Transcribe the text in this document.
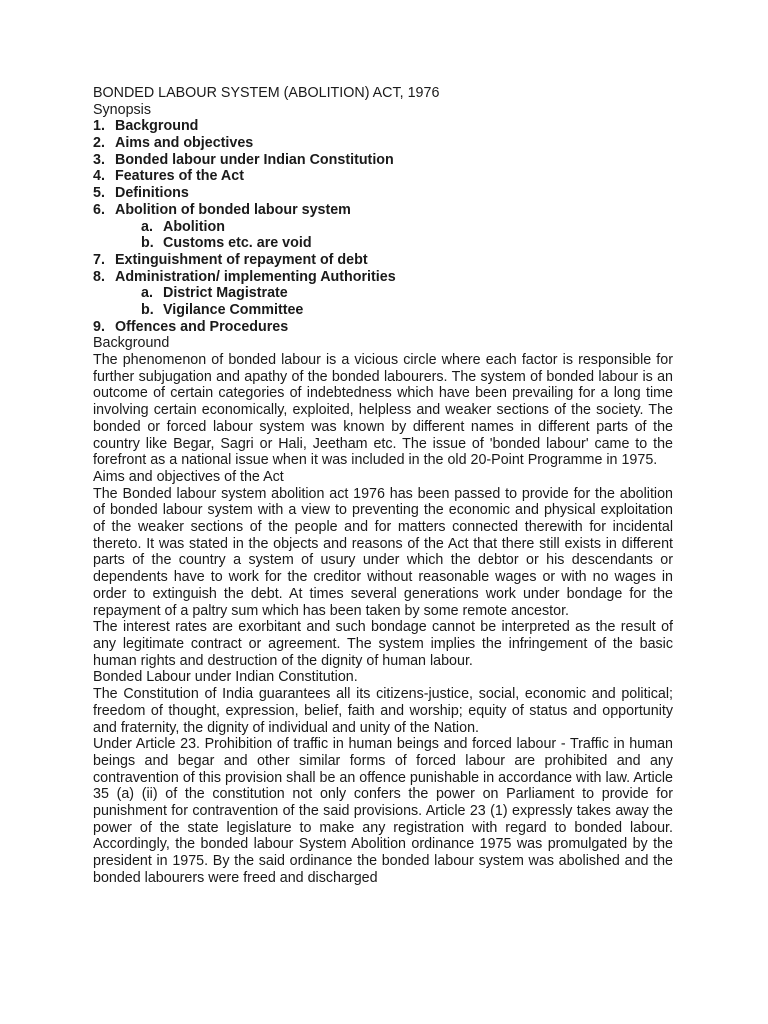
BONDED LABOUR SYSTEM (ABOLITION) ACT, 1976
Synopsis
1. Background
2. Aims and objectives
3. Bonded labour under Indian Constitution
4. Features of the Act
5. Definitions
6. Abolition of bonded labour system
a. Abolition
b. Customs etc. are void
7. Extinguishment of repayment of debt
8. Administration/ implementing Authorities
a. District Magistrate
b. Vigilance Committee
9. Offences and Procedures
Background

The phenomenon of bonded labour is a vicious circle where each factor is responsible for further subjugation and apathy of the bonded labourers. The system of bonded labour is an outcome of certain categories of indebtedness which have been prevailing for a long time involving certain economically, exploited, helpless and weaker sections of the society. The bonded or forced labour system was known by different names in different parts of the country like Begar, Sagri or Hali, Jeetham etc. The issue of 'bonded labour' came to the forefront as a national issue when it was included in the old 20-Point Programme in 1975.

Aims and objectives of the Act

The Bonded labour system abolition act 1976 has been passed to provide for the abolition of bonded labour system with a view to preventing the economic and physical exploitation of the weaker sections of the people and for matters connected therewith for incidental thereto. It was stated in the objects and reasons of the Act that there still exists in different parts of the country a system of usury under which the debtor or his descendants or dependents have to work for the creditor without reasonable wages or with no wages in order to extinguish the debt. At times several generations work under bondage for the repayment of a paltry sum which has been taken by some remote ancestor.

The interest rates are exorbitant and such bondage cannot be interpreted as the result of any legitimate contract or agreement. The system implies the infringement of the basic human rights and destruction of the dignity of human labour.

Bonded Labour under Indian Constitution.

The Constitution of India guarantees all its citizens-justice, social, economic and political; freedom of thought, expression, belief, faith and worship; equity of status and opportunity and fraternity, the dignity of individual and unity of the Nation.

Under Article 23. Prohibition of traffic in human beings and forced labour - Traffic in human beings and begar and other similar forms of forced labour are prohibited and any contravention of this provision shall be an offence punishable in accordance with law. Article 35 (a) (ii) of the constitution not only confers the power on Parliament to provide for punishment for contravention of the said provisions. Article 23 (1) expressly takes away the power of the state legislature to make any registration with regard to bonded labour. Accordingly, the bonded labour System Abolition ordinance 1975 was promulgated by the president in 1975. By the said ordinance the bonded labour system was abolished and the bonded labourers were freed and discharged
